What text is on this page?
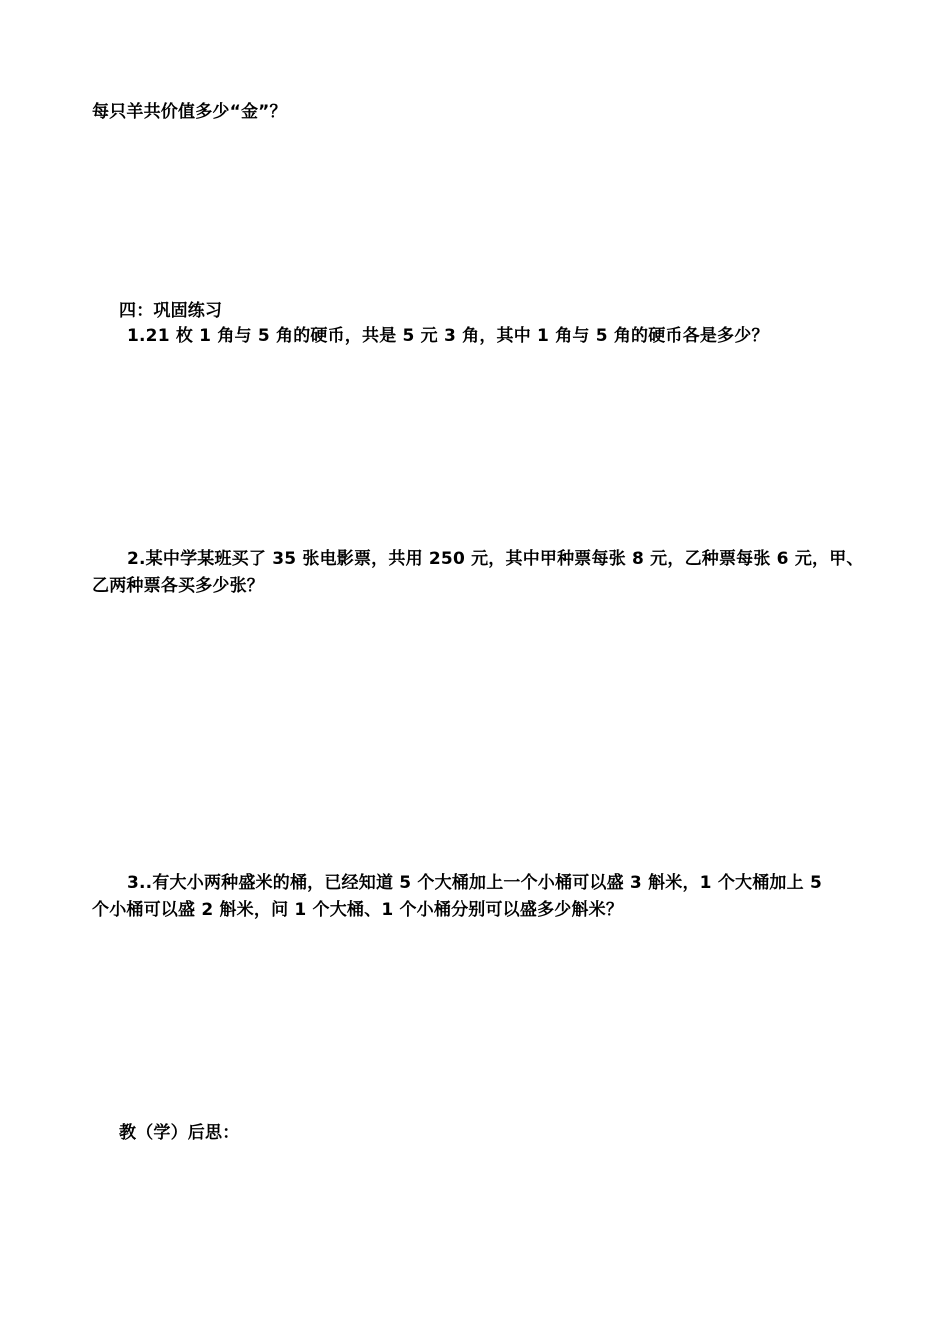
每只羊共价值多少“金”？
四：巩固练习
1.21 枚 1 角与 5 角的硬币，共是 5 元 3 角，其中 1 角与 5 角的硬币各是多少？
2.某中学某班买了 35 张电影票，共用 250 元，其中甲种票每张 8 元，乙种票每张 6 元，甲、
乙两种票各买多少张？
3..有大小两种盛米的桶，已经知道 5 个大桶加上一个小桶可以盛 3 斛米，1 个大桶加上 5
个小桶可以盛 2 斛米，问 1 个大桶、1 个小桶分别可以盛多少斛米？
教（学）后思：
